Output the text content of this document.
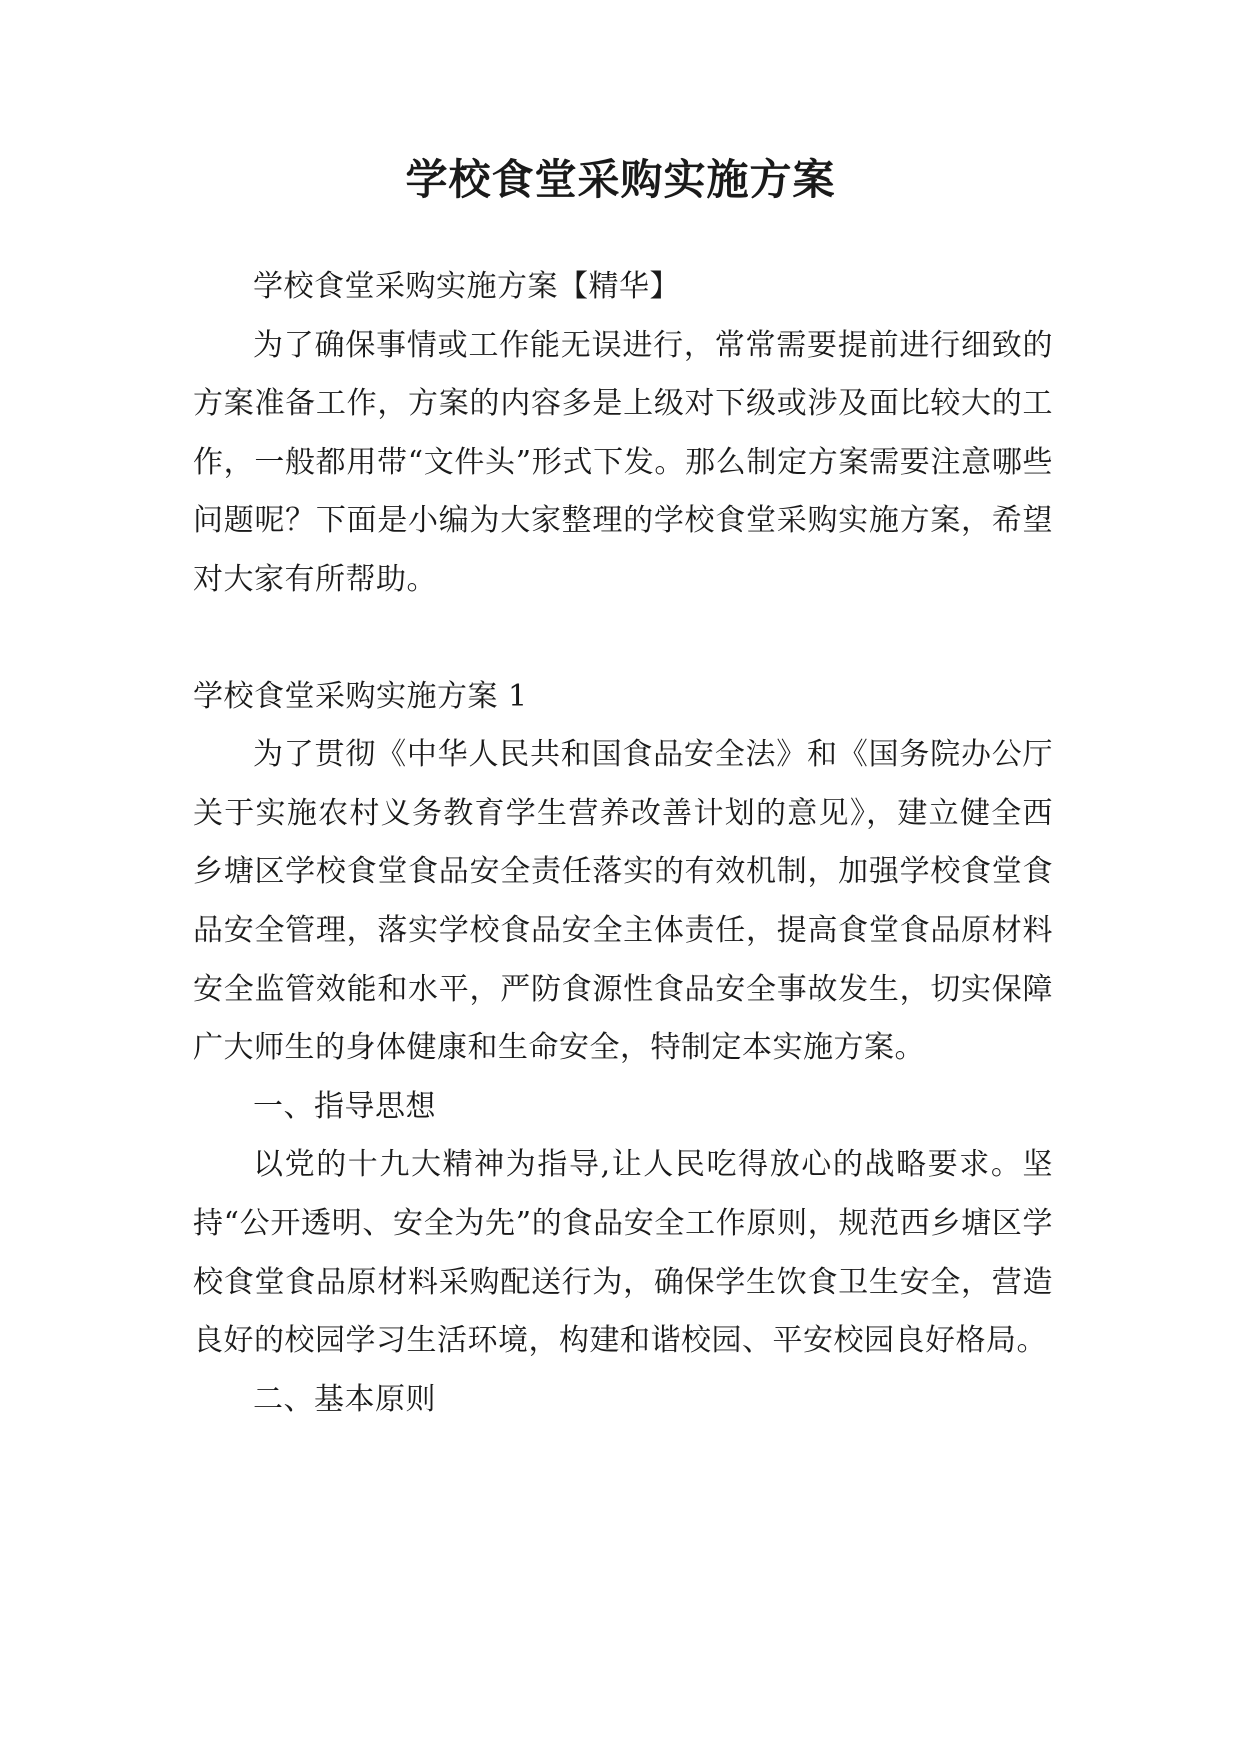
学校食堂采购实施方案

学校食堂采购实施方案【精华】

为了确保事情或工作能无误进行，常常需要提前进行细致的方案准备工作，方案的内容多是上级对下级或涉及面比较大的工作，一般都用带“文件头”形式下发。那么制定方案需要注意哪些问题呢？下面是小编为大家整理的学校食堂采购实施方案，希望对大家有所帮助。

学校食堂采购实施方案 1

为了贯彻《中华人民共和国食品安全法》和《国务院办公厅关于实施农村义务教育学生营养改善计划的意见》，建立健全西乡塘区学校食堂食品安全责任落实的有效机制，加强学校食堂食品安全管理，落实学校食品安全主体责任，提高食堂食品原材料安全监管效能和水平，严防食源性食品安全事故发生，切实保障广大师生的身体健康和生命安全，特制定本实施方案。

一、指导思想

以党的十九大精神为指导,让人民吃得放心的战略要求。坚持“公开透明、安全为先”的食品安全工作原则，规范西乡塘区学校食堂食品原材料采购配送行为，确保学生饮食卫生安全，营造良好的校园学习生活环境，构建和谐校园、平安校园良好格局。

二、基本原则
